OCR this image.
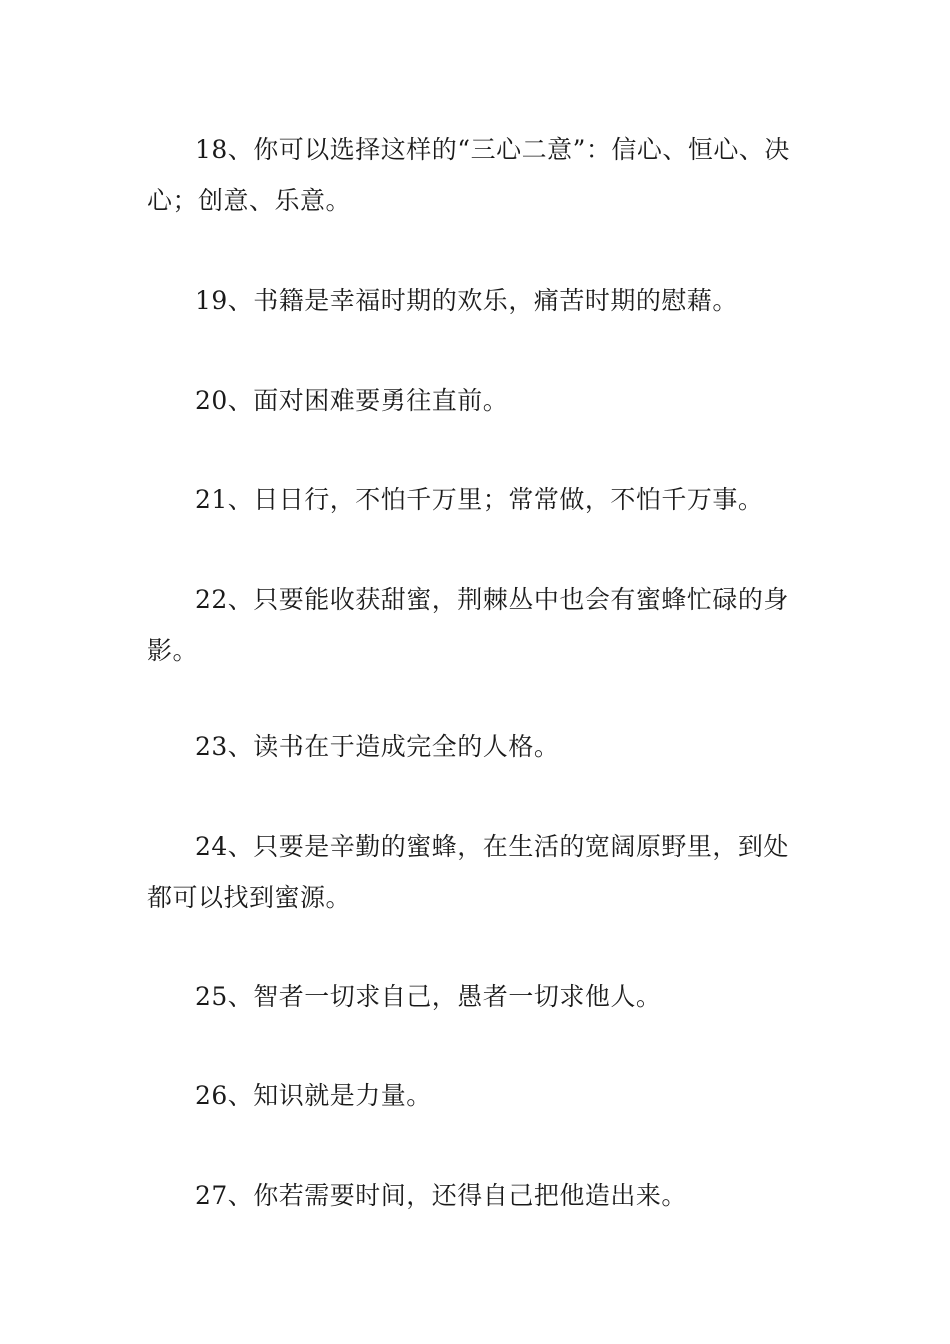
18、你可以选择这样的“三心二意”：信心、恒心、决心；创意、乐意。

19、书籍是幸福时期的欢乐，痛苦时期的慰藉。

20、面对困难要勇往直前。

21、日日行，不怕千万里；常常做，不怕千万事。

22、只要能收获甜蜜，荆棘丛中也会有蜜蜂忙碌的身影。

23、读书在于造成完全的人格。

24、只要是辛勤的蜜蜂，在生活的宽阔原野里，到处都可以找到蜜源。

25、智者一切求自己，愚者一切求他人。

26、知识就是力量。

27、你若需要时间，还得自己把他造出来。
